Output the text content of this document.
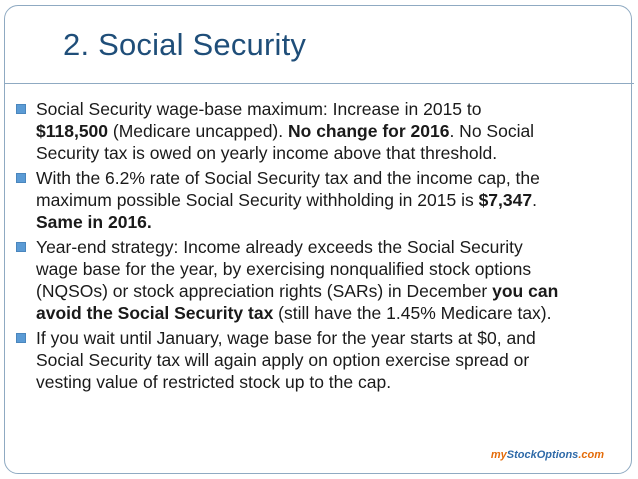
2. Social Security
Social Security wage-base maximum: Increase in 2015 to
$118,500 (Medicare uncapped). No change for 2016. No Social
Security tax is owed on yearly income above that threshold.
With the 6.2% rate of Social Security tax and the income cap, the
maximum possible Social Security withholding in 2015 is $7,347.
Same in 2016.
Year-end strategy: Income already exceeds the Social Security
wage base for the year, by exercising nonqualified stock options
(NQSOs) or stock appreciation rights (SARs) in December you can
avoid the Social Security tax (still have the 1.45% Medicare tax).
If you wait until January, wage base for the year starts at $0, and
Social Security tax will again apply on option exercise spread or
vesting value of restricted stock up to the cap.
myStockOptions.com
